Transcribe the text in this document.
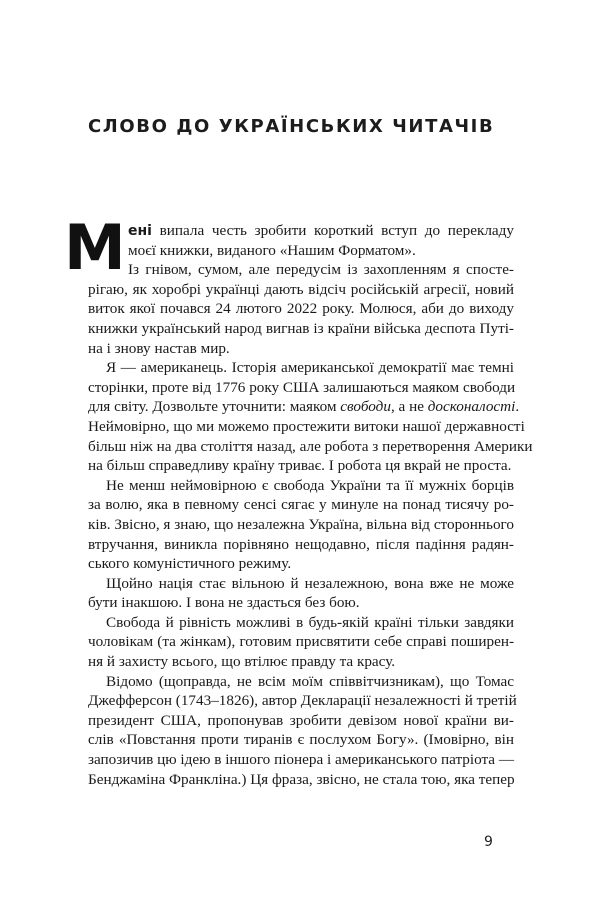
СЛОВО ДО УКРАЇНСЬКИХ ЧИТАЧІВ
М ені випала честь зробити короткий вступ до перекладу
моєї книжки, виданого «Нашим Форматом».
Із гнівом, сумом, але передусім із захопленням я спосте-
рігаю, як хоробрі українці дають відсіч російській агресії, новий
виток якої почався 24 лютого 2022 року. Молюся, аби до виходу
книжки український народ вигнав із країни війська деспота Путі-
на і знову настав мир.
Я — американець. Історія американської демократії має темні
сторінки, проте від 1776 року США залишаються маяком свободи
для світу. Дозвольте уточнити: маяком свободи, а не досконалості.
Неймовірно, що ми можемо простежити витоки нашої державності
більш ніж на два століття назад, але робота з перетворення Америки
на більш справедливу країну триває. І робота ця вкрай не проста.
Не менш неймовірною є свобода України та її мужніх борців
за волю, яка в певному сенсі сягає у минуле на понад тисячу ро-
ків. Звісно, я знаю, що незалежна Україна, вільна від стороннього
втручання, виникла порівняно нещодавно, після падіння радян-
ського комуністичного режиму.
Щойно нація стає вільною й незалежною, вона вже не може
бути інакшою. І вона не здасться без бою.
Свобода й рівність можливі в будь-якій країні тільки завдяки
чоловікам (та жінкам), готовим присвятити себе справі поширен-
ня й захисту всього, що втілює правду та красу.
Відомо (щоправда, не всім моїм співвітчизникам), що Томас
Джефферсон (1743–1826), автор Декларації незалежності й третій
президент США, пропонував зробити девізом нової країни ви-
слів «Повстання проти тиранів є послухом Богу». (Імовірно, він
запозичив цю ідею в іншого піонера і американського патріота —
Бенджаміна Франкліна.) Ця фраза, звісно, не стала тою, яка тепер
9
